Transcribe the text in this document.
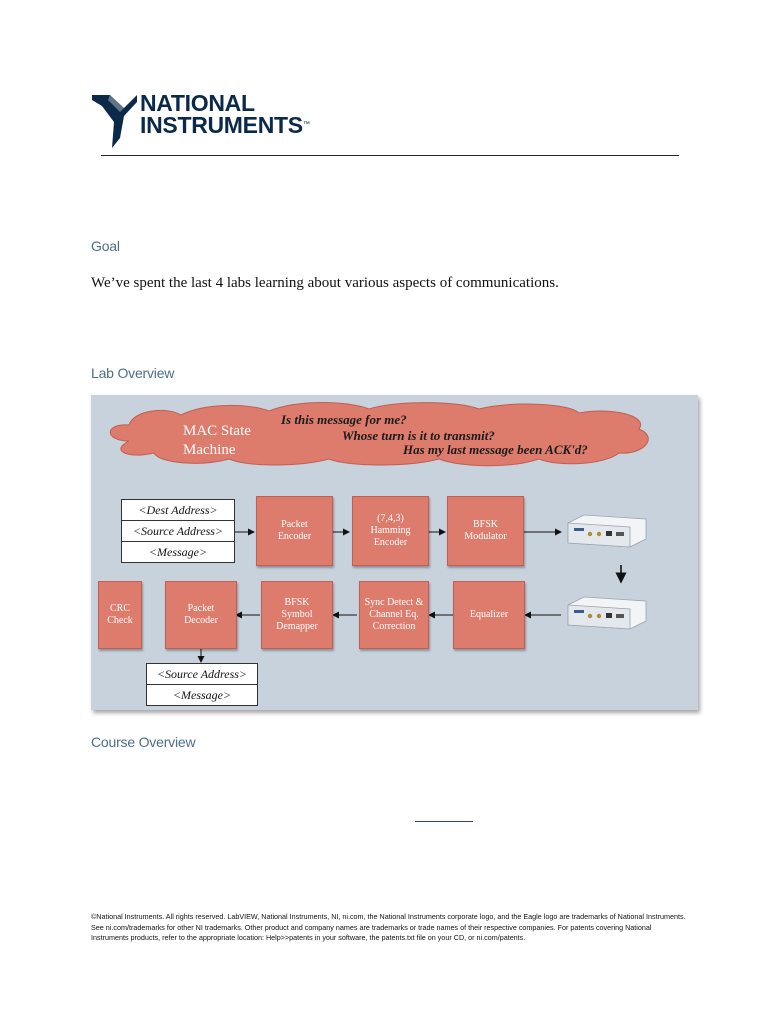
NATIONAL
INSTRUMENTS™
Goal

We’ve spent the last 4 labs learning about various aspects of communications.

Lab Overview
MAC State
Machine
Is this message for me?
Whose turn is it to transmit?
Has my last message been ACK'd?
<Dest Address>
<Source Address>
<Message>
Packet
Encoder
(7,4,3)
Hamming
Encoder
BFSK
Modulator
Equalizer
Sync Detect &
Channel Eq.
Correction
BFSK
Symbol
Demapper
Packet
Decoder
CRC
Check
<Source Address>
<Message>
Course Overview

©National Instruments. All rights reserved. LabVIEW, National Instruments, NI, ni.com, the National Instruments corporate logo, and the Eagle logo are trademarks of National Instruments. See ni.com/trademarks for other NI trademarks. Other product and company names are trademarks or trade names of their respective companies. For patents covering National Instruments products, refer to the appropriate location: Help>>patents in your software, the patents.txt file on your CD, or ni.com/patents.
